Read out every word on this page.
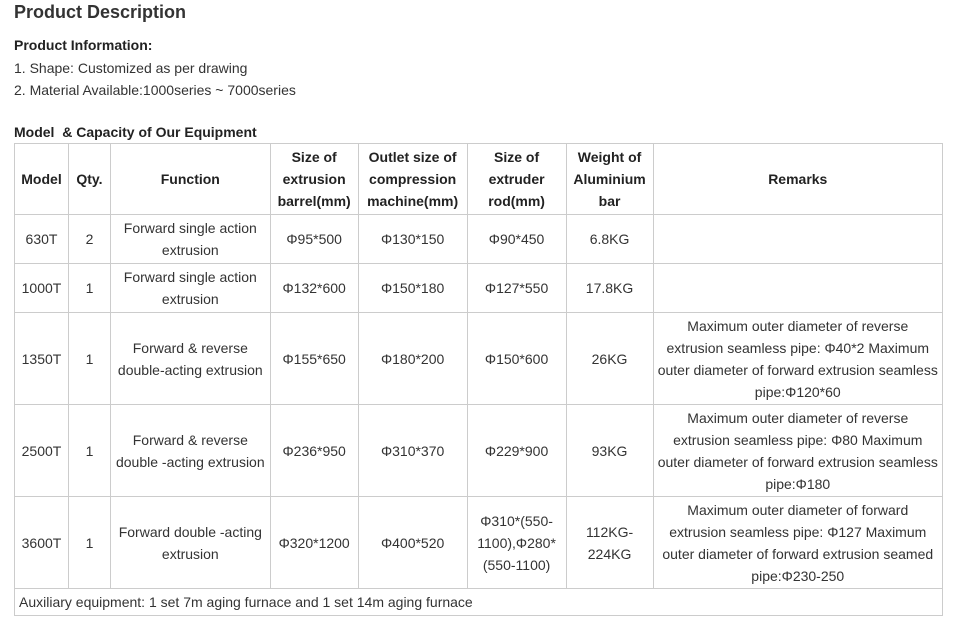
Product Description
Product Information:
1. Shape: Customized as per drawing
2. Material Available:1000series ~ 7000series
Model  & Capacity of Our Equipment
Model	Qty.	Function	Size of extrusion barrel(mm)	Outlet size of compression machine(mm)	Size of extruder rod(mm)	Weight of Aluminium bar	Remarks
630T	2	Forward single action extrusion	Φ95*500	Φ130*150	Φ90*450	6.8KG	
1000T	1	Forward single action extrusion	Φ132*600	Φ150*180	Φ127*550	17.8KG	
1350T	1	Forward & reverse double-acting extrusion	Φ155*650	Φ180*200	Φ150*600	26KG	Maximum outer diameter of reverse extrusion seamless pipe: Φ40*2 Maximum outer diameter of forward extrusion seamless pipe:Φ120*60
2500T	1	Forward & reverse double -acting extrusion	Φ236*950	Φ310*370	Φ229*900	93KG	Maximum outer diameter of reverse extrusion seamless pipe: Φ80 Maximum outer diameter of forward extrusion seamless pipe:Φ180
3600T	1	Forward double -acting extrusion	Φ320*1200	Φ400*520	Φ310*(550-1100),Φ280*(550-1100)	112KG-224KG	Maximum outer diameter of forward extrusion seamless pipe: Φ127 Maximum outer diameter of forward extrusion seamed pipe:Φ230-250
Auxiliary equipment: 1 set 7m aging furnace and 1 set 14m aging furnace							
